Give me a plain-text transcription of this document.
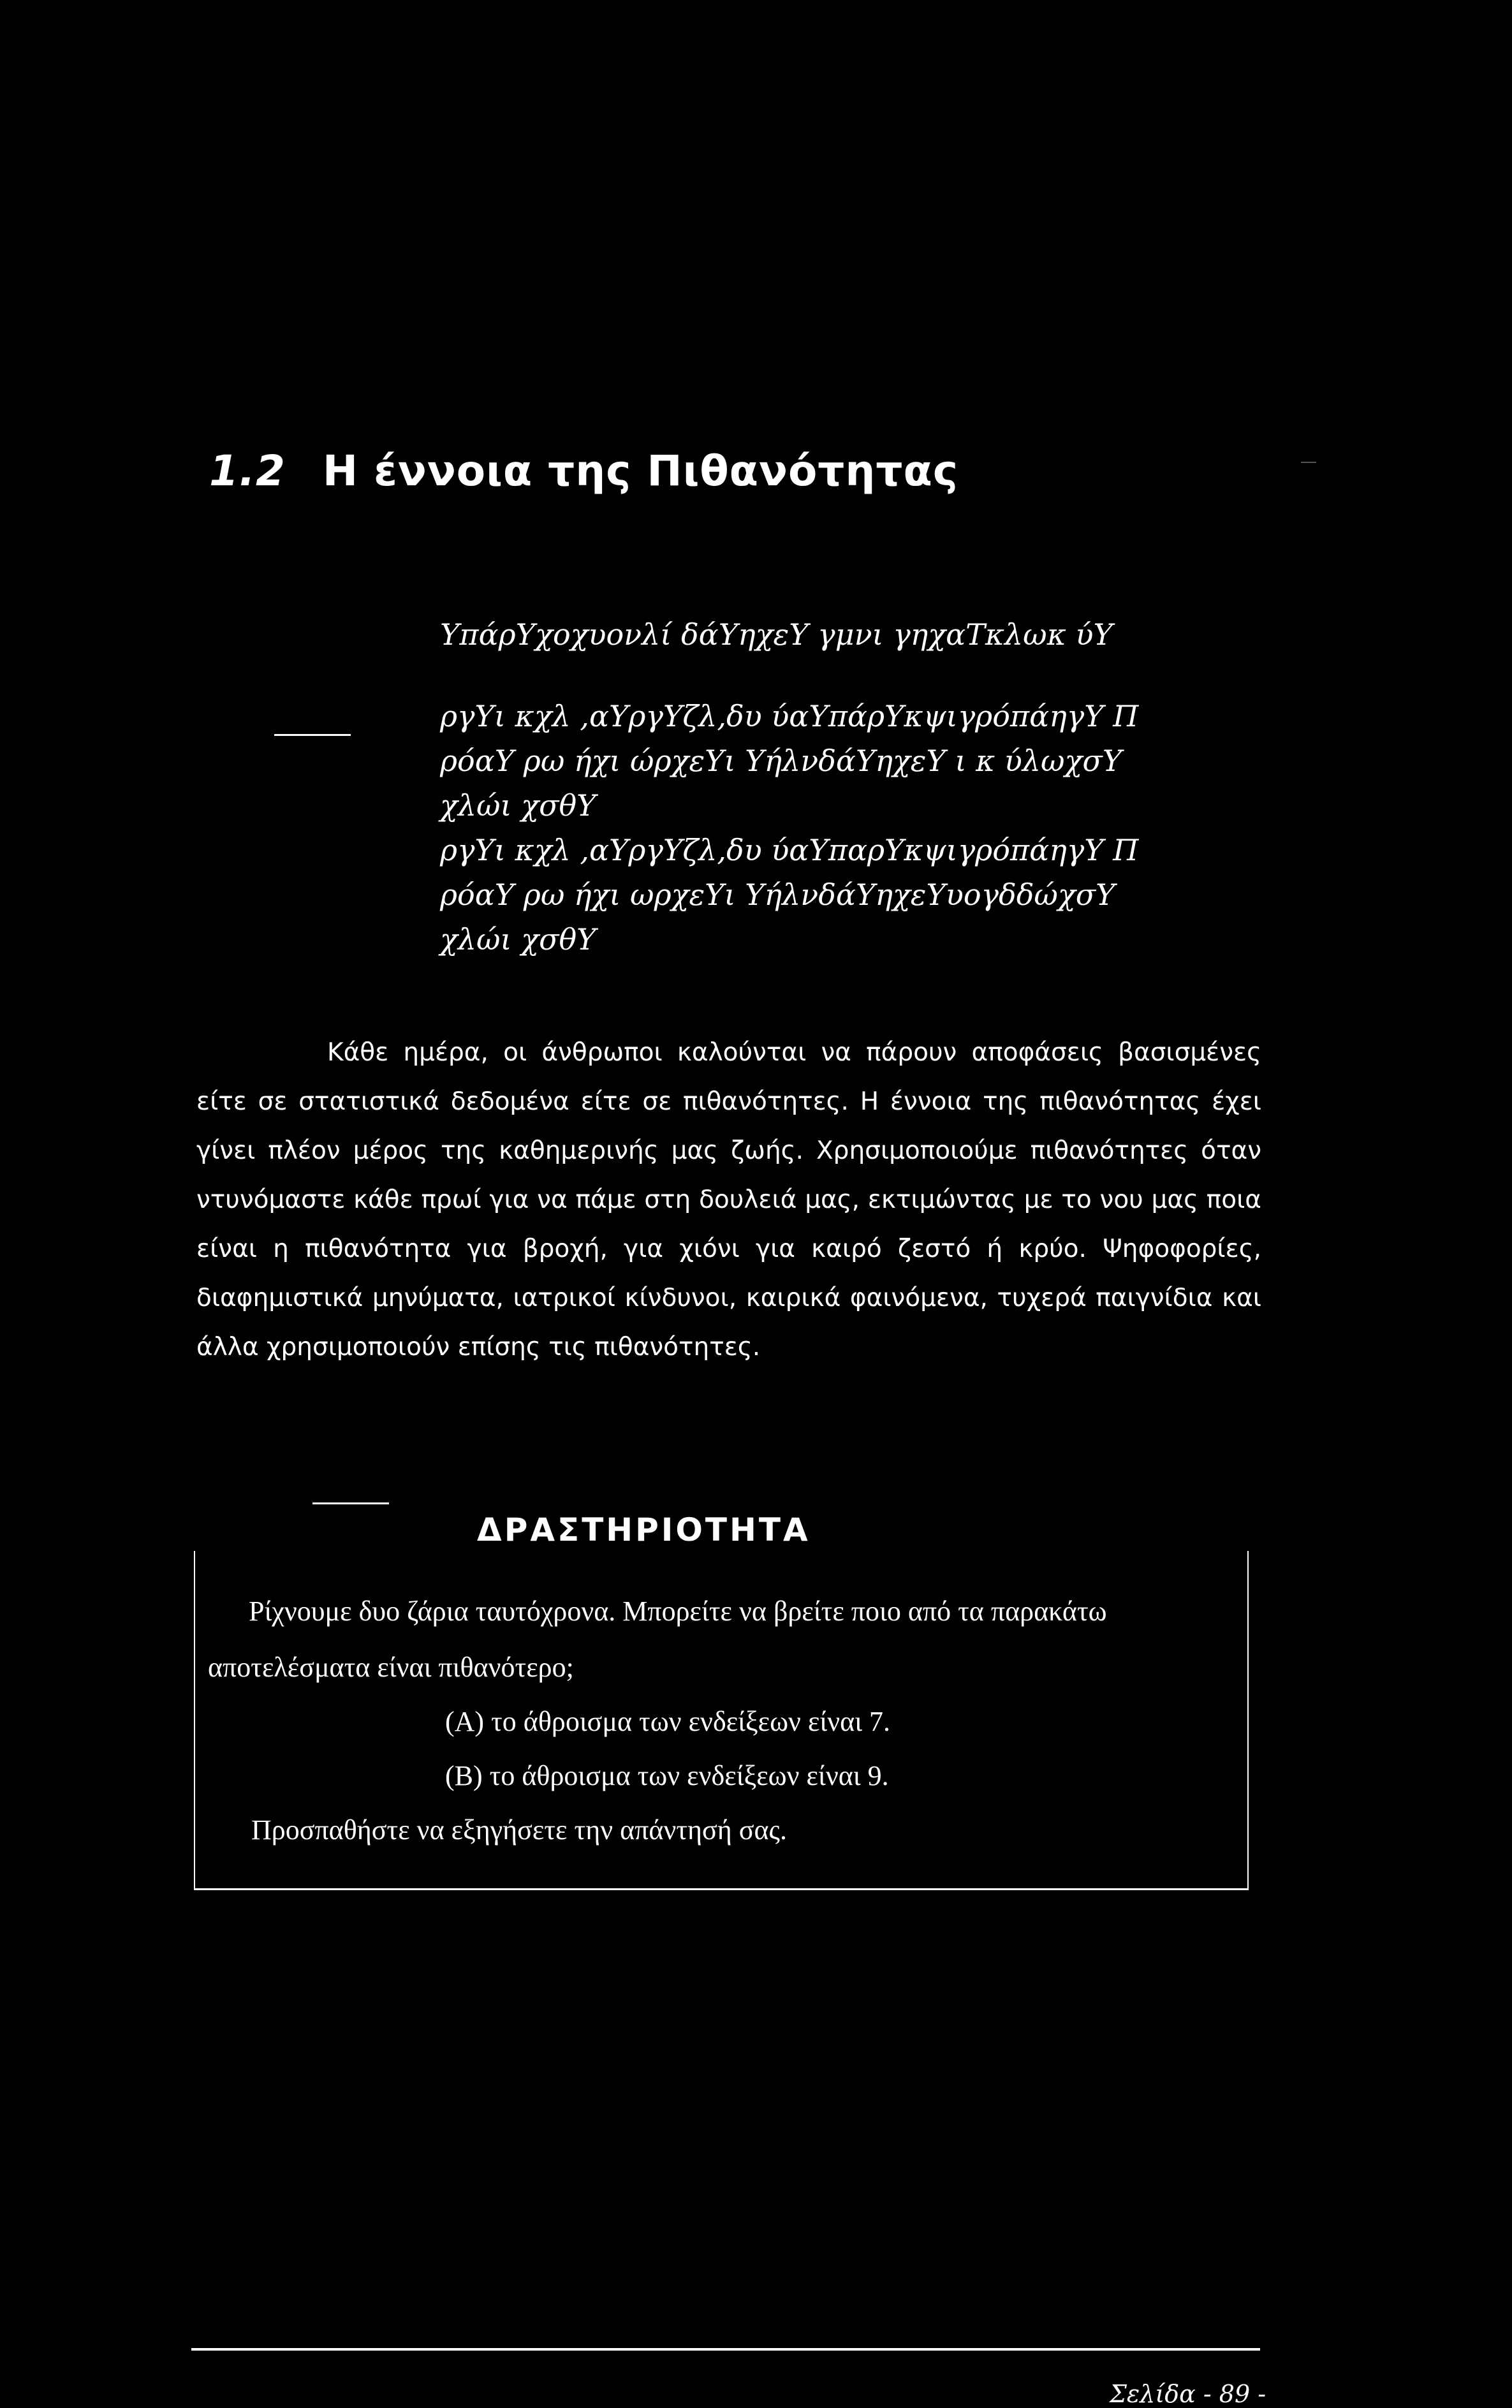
1.2 Η έννοια της Πιθανότητας
ΥπάρΥχοχυονλί δάΥηχεΥ γμνι γηχαΤκλωκ ύΥ
ργΥι κχλ ,αΥργΥζλ,δυ ύαΥπάρΥκψιγρόπάηγΥ Π
ρόαΥ ρω ήχι ώρχεΥι ΥήλνδάΥηχεΥ ι κ ύλωχσΥ
χλώι χσθΥ
ργΥι κχλ ,αΥργΥζλ,δυ ύαΥπαρΥκψιγρόπάηγΥ Π
ρόαΥ ρω ήχι ωρχεΥι ΥήλνδάΥηχεΥυογδδώχσΥ
χλώι χσθΥ
Κάθε ημέρα, οι άνθρωποι καλούνται να πάρουν αποφάσεις βασισμένες είτε σε στατιστικά δεδομένα είτε σε πιθανότητες. Η έννοια της πιθανότητας έχει γίνει πλέον μέρος της καθημερινής μας ζωής. Χρησιμοποιούμε πιθανότητες όταν ντυνόμαστε κάθε πρωί για να πάμε στη δουλειά μας, εκτιμώντας με το νου μας ποια είναι η πιθανότητα για βροχή, για χιόνι για καιρό ζεστό ή κρύο. Ψηφοφορίες, διαφημιστικά μηνύματα, ιατρικοί κίνδυνοι, καιρικά φαινόμενα, τυχερά παιγνίδια και άλλα χρησιμοποιούν επίσης τις πιθανότητες.
ΔΡΑΣΤΗΡΙΟΤΗΤΑ
Ρίχνουμε δυο ζάρια ταυτόχρονα. Μπορείτε να βρείτε ποιο από τα παρακάτω
αποτελέσματα είναι πιθανότερο;
(Α) το άθροισμα των ενδείξεων είναι 7.
(Β) το άθροισμα των ενδείξεων είναι 9.
Προσπαθήστε να εξηγήσετε την απάντησή σας.
Σελίδα - 89 -
